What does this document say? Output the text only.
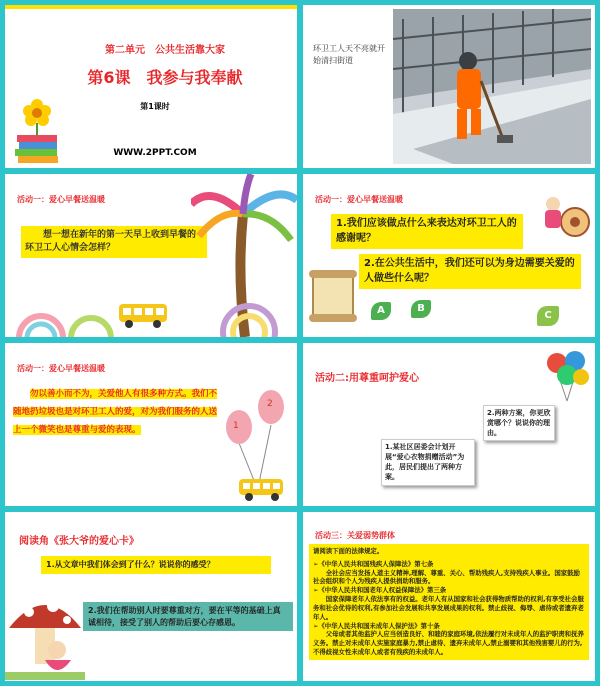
第二单元　公共生活靠大家
第6课　我参与我奉献
第1课时
WWW.2PPT.COM
环卫工人天不亮就开始清扫街道
活动一：爱心早餐送温暖
想一想在新年的第一天早上收到早餐的环卫工人心情会怎样？
活动一：爱心早餐送温暖
1.我们应该做点什么来表达对环卫工人的感谢呢？
2.在公共生活中，我们还可以为身边需要关爱的人做些什么呢？
A	B
C
活动一：爱心早餐送温暖
勿以善小而不为，关爱他人有很多种方式。我们不随地扔垃圾也是对环卫工人的爱，对为我们服务的人送上一个微笑也是尊重与爱的表现。	1
2
活动二:用尊重呵护爱心
2.两种方案，你更欣赏哪个？说说你的理由。
1.某社区居委会计划开展“爱心衣物捐赠活动”为此，居民们提出了两种方案。
阅读角《张大爷的爱心卡》
1.从文章中我们体会到了什么？说说你的感受？
2.我们在帮助别人时要尊重对方，要在平等的基础上真诚相待，接受了别人的帮助后要心存感恩。
活动三：关爱弱势群体
请阅读下面的法律规定。
➢《中华人民共和国残疾人保障法》第七条
全社会应当发扬人道主义精神,理解、尊重、关心、帮助残疾人,支持残疾人事业。国家鼓励社会组织和个人为残疾人提供捐助和服务。
➢《中华人民共和国老年人权益保障法》第三条
国家保障老年人依法享有的权益。老年人有从国家和社会获得物质帮助的权利,有享受社会服务和社会优待的权利,有参加社会发展和共享发展成果的权利。禁止歧视、侮辱、虐待或者遗弃老年人。
➢《中华人民共和国未成年人保护法》第十条
父母或者其他监护人应当创造良好、和睦的家庭环境,依法履行对未成年人的监护职责和抚养义务。禁止对未成年人实施家庭暴力,禁止虐待、遗弃未成年人,禁止溺婴和其他残害婴儿的行为,不得歧视女性未成年人或者有残疾的未成年人。
